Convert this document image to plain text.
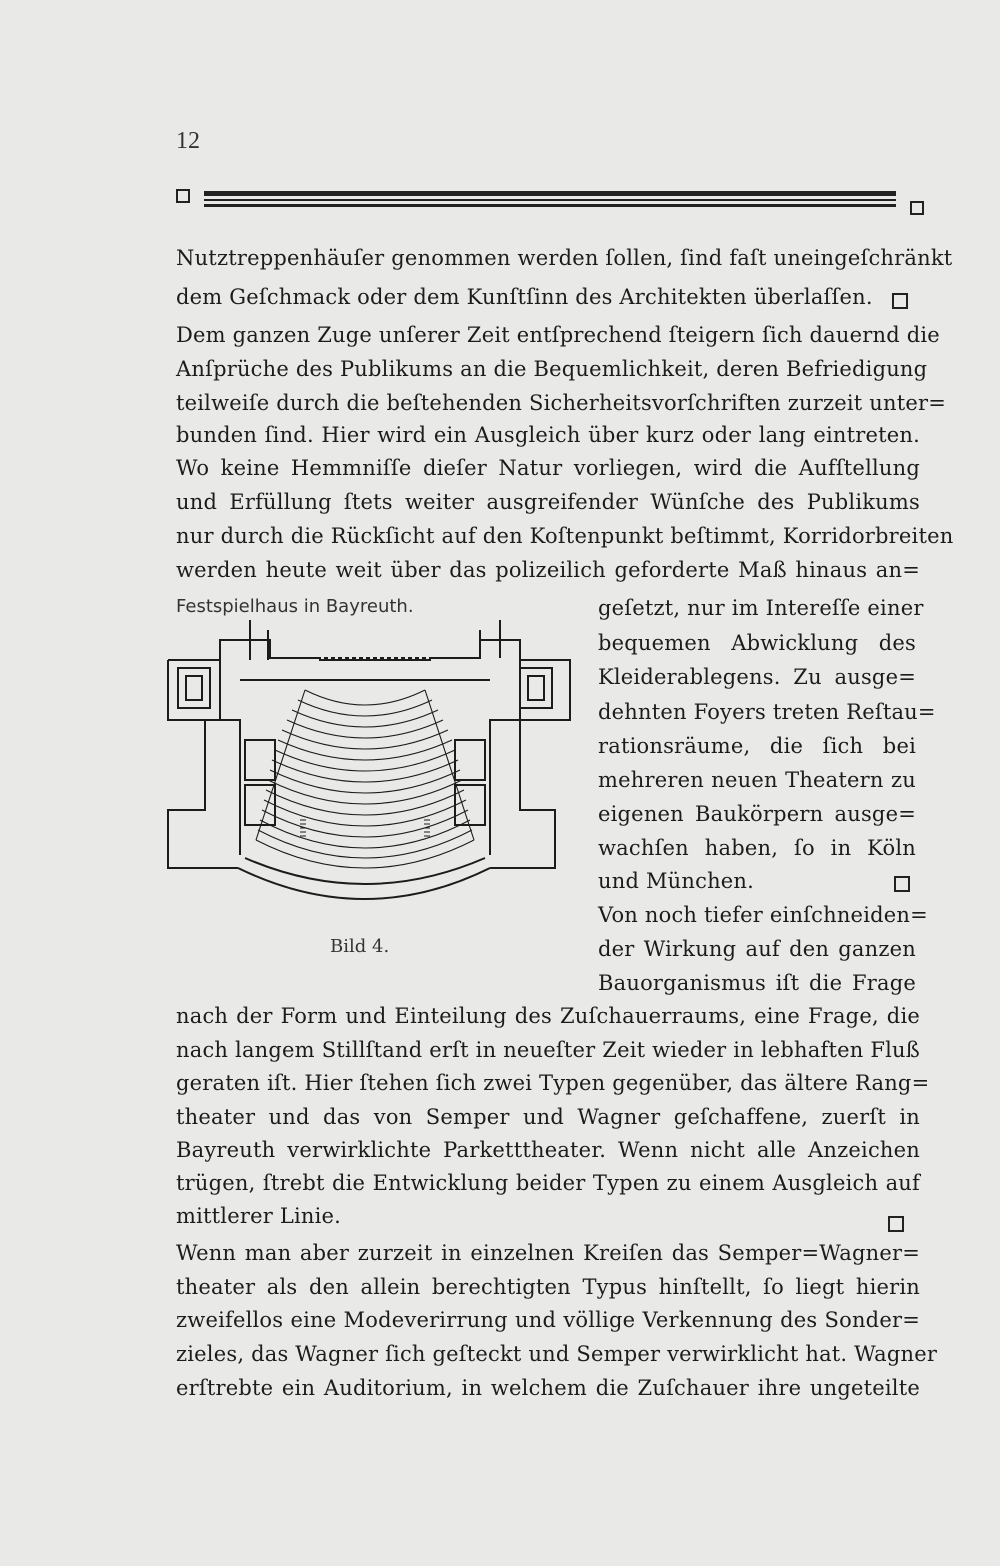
12
Nutztreppenhäuſer genommen werden ſollen, ſind faſt uneingeſchränkt
dem Geſchmack oder dem Kunſtſinn des Architekten überlaſſen.
Dem ganzen Zuge unſerer Zeit entſprechend ſteigern ſich dauernd die
Anſprüche des Publikums an die Bequemlichkeit, deren Befriedigung
teilweiſe durch die beſtehenden Sicherheitsvorſchriften zurzeit unter=
bunden ſind. Hier wird ein Ausgleich über kurz oder lang eintreten.
Wo keine Hemmniſſe dieſer Natur vorliegen, wird die Aufſtellung
und Erfüllung ſtets weiter ausgreifender Wünſche des Publikums
nur durch die Rückſicht auf den Koſtenpunkt beſtimmt, Korridorbreiten
werden heute weit über das polizeilich geforderte Maß hinaus an=
Festspielhaus in Bayreuth.
Bild 4.
geſetzt, nur im Intereſſe einer
bequemen Abwicklung des
Kleiderablegens. Zu ausge=
dehnten Foyers treten Reſtau=
rationsräume, die ſich bei
mehreren neuen Theatern zu
eigenen Baukörpern ausge=
wachſen haben, ſo in Köln
und München.
Von noch tiefer einſchneiden=
der Wirkung auf den ganzen
Bauorganismus iſt die Frage
nach der Form und Einteilung des Zuſchauerraums, eine Frage, die
nach langem Stillſtand erſt in neueſter Zeit wieder in lebhaften Fluß
geraten iſt. Hier ſtehen ſich zwei Typen gegenüber, das ältere Rang=
theater und das von Semper und Wagner geſchaffene, zuerſt in
Bayreuth verwirklichte Parketttheater. Wenn nicht alle Anzeichen
trügen, ſtrebt die Entwicklung beider Typen zu einem Ausgleich auf
mittlerer Linie.
Wenn man aber zurzeit in einzelnen Kreiſen das Semper=Wagner=
theater als den allein berechtigten Typus hinſtellt, ſo liegt hierin
zweifellos eine Modeverirrung und völlige Verkennung des Sonder=
zieles, das Wagner ſich geſteckt und Semper verwirklicht hat. Wagner
erſtrebte ein Auditorium, in welchem die Zuſchauer ihre ungeteilte
